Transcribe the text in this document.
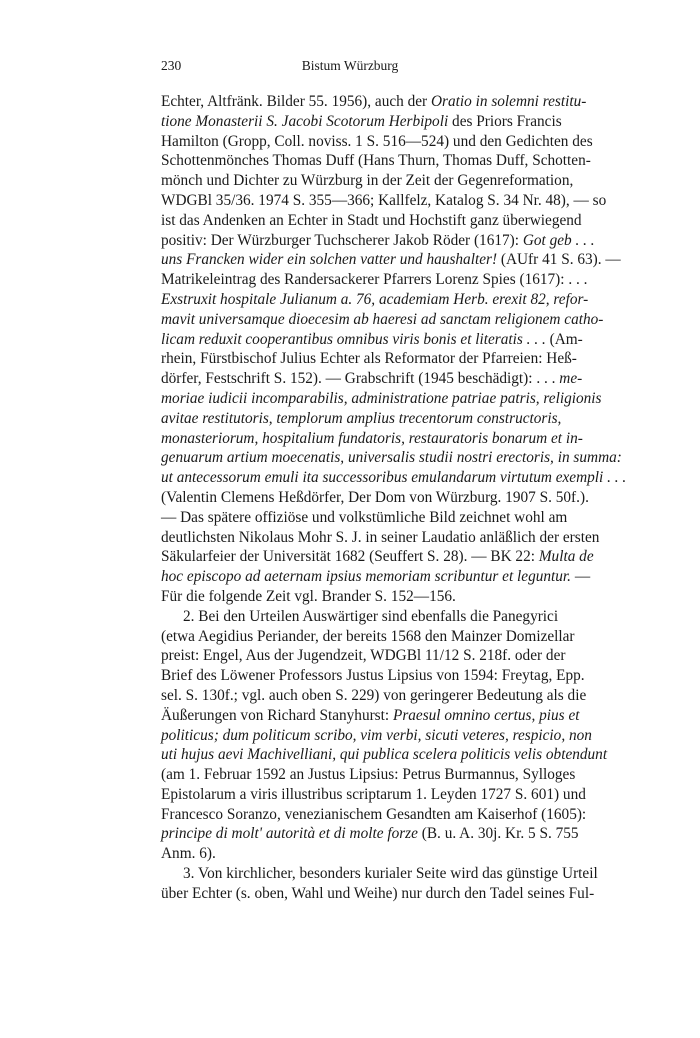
230	Bistum Würzburg
Echter, Altfränk. Bilder 55. 1956), auch der Oratio in solemni restitu-
tione Monasterii S. Jacobi Scotorum Herbipoli des Priors Francis
Hamilton (Gropp, Coll. noviss. 1 S. 516—524) und den Gedichten des
Schottenmönches Thomas Duff (Hans Thurn, Thomas Duff, Schotten-
mönch und Dichter zu Würzburg in der Zeit der Gegenreformation,
WDGBl 35/36. 1974 S. 355—366; Kallfelz, Katalog S. 34 Nr. 48), — so
ist das Andenken an Echter in Stadt und Hochstift ganz überwiegend
positiv: Der Würzburger Tuchscherer Jakob Röder (1617): Got geb . . .
uns Francken wider ein solchen vatter und haushalter! (AUfr 41 S. 63). —
Matrikeleintrag des Randersackerer Pfarrers Lorenz Spies (1617): . . .
Exstruxit hospitale Julianum a. 76, academiam Herb. erexit 82, refor-
mavit universamque dioecesim ab haeresi ad sanctam religionem catho-
licam reduxit cooperantibus omnibus viris bonis et literatis . . . (Am-
rhein, Fürstbischof Julius Echter als Reformator der Pfarreien: Heß-
dörfer, Festschrift S. 152). — Grabschrift (1945 beschädigt): . . . me-
moriae iudicii incomparabilis, administratione patriae patris, religionis
avitae restitutoris, templorum amplius trecentorum constructoris,
monasteriorum, hospitalium fundatoris, restauratoris bonarum et in-
genuarum artium moecenatis, universalis studii nostri erectoris, in summa:
ut antecessorum emuli ita successoribus emulandarum virtutum exempli . . .
(Valentin Clemens Heßdörfer, Der Dom von Würzburg. 1907 S. 50f.).
— Das spätere offiziöse und volkstümliche Bild zeichnet wohl am
deutlichsten Nikolaus Mohr S. J. in seiner Laudatio anläßlich der ersten
Säkularfeier der Universität 1682 (Seuffert S. 28). — BK 22: Multa de
hoc episcopo ad aeternam ipsius memoriam scribuntur et leguntur. —
Für die folgende Zeit vgl. Brander S. 152—156.
2. Bei den Urteilen Auswärtiger sind ebenfalls die Panegyrici
(etwa Aegidius Periander, der bereits 1568 den Mainzer Domizellar
preist: Engel, Aus der Jugendzeit, WDGBl 11/12 S. 218f. oder der
Brief des Löwener Professors Justus Lipsius von 1594: Freytag, Epp.
sel. S. 130f.; vgl. auch oben S. 229) von geringerer Bedeutung als die
Äußerungen von Richard Stanyhurst: Praesul omnino certus, pius et
politicus; dum politicum scribo, vim verbi, sicuti veteres, respicio, non
uti hujus aevi Machivelliani, qui publica scelera politicis velis obtendunt
(am 1. Februar 1592 an Justus Lipsius: Petrus Burmannus, Sylloges
Epistolarum a viris illustribus scriptarum 1. Leyden 1727 S. 601) und
Francesco Soranzo, venezianischem Gesandten am Kaiserhof (1605):
principe di molt' autorità et di molte forze (B. u. A. 30j. Kr. 5 S. 755
Anm. 6).
3. Von kirchlicher, besonders kurialer Seite wird das günstige Urteil
über Echter (s. oben, Wahl und Weihe) nur durch den Tadel seines Ful-
